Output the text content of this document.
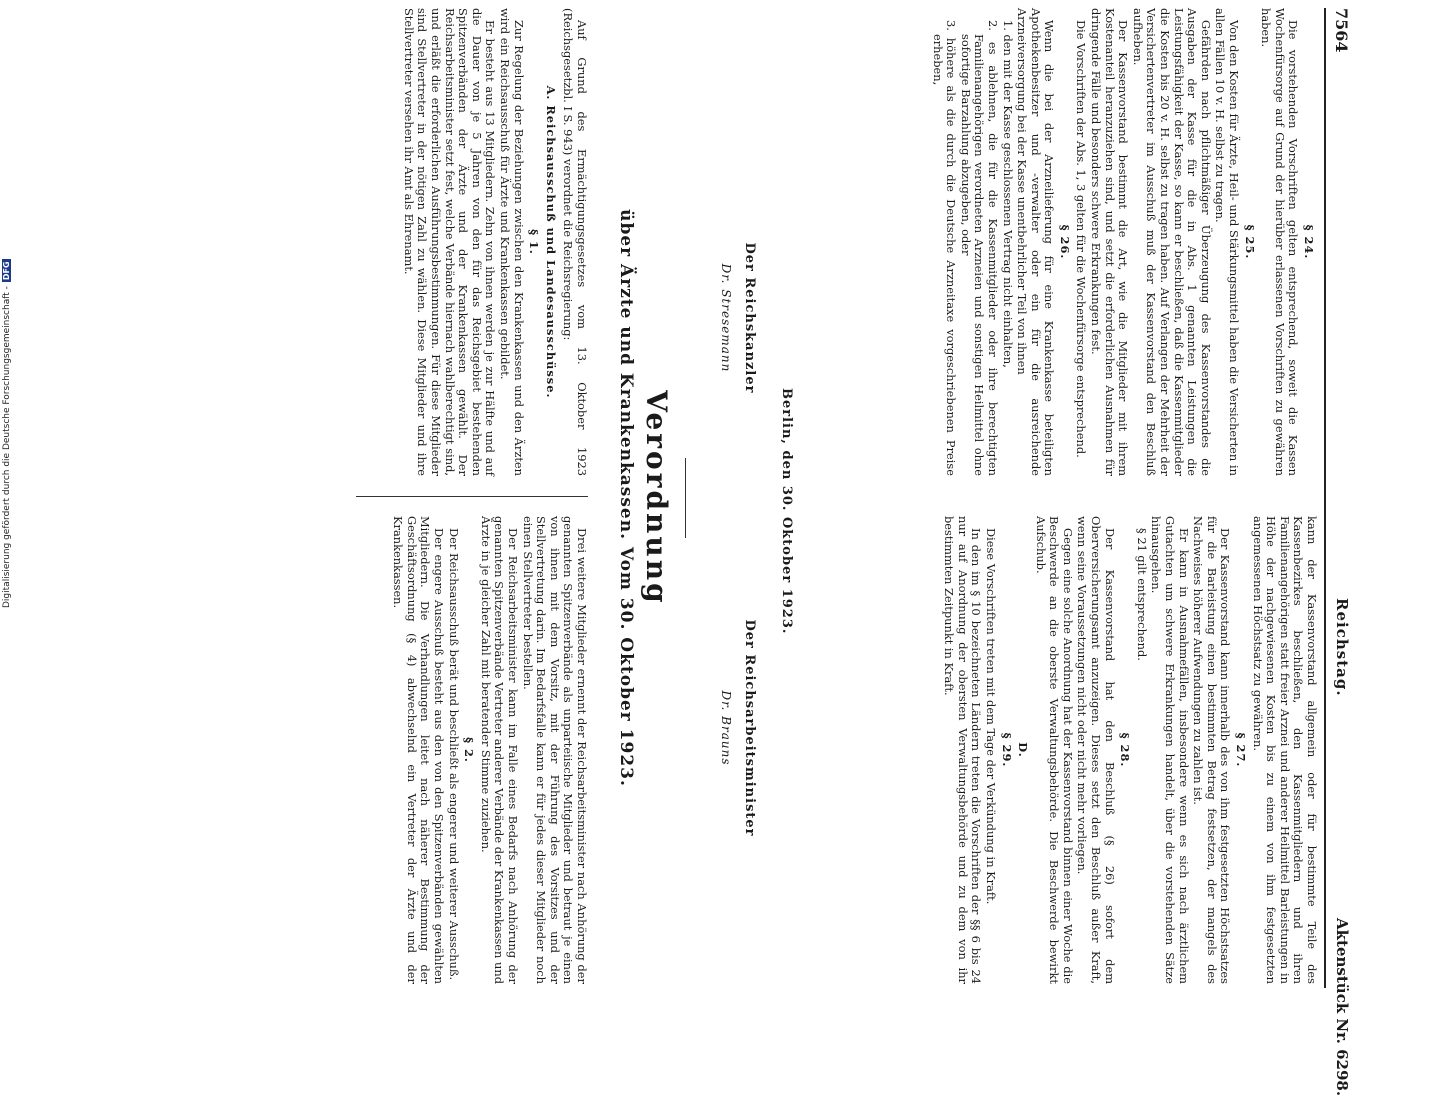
7564
Reichstag.
Aktenstück Nr. 6298.
§ 24.

Die vorstehenden Vorschriften gelten entsprechend, soweit die Kassen Wochenfürsorge auf Grund der hierüber erlassenen Vorschriften zu gewähren haben.

§ 25.

Von den Kosten für Ärzte, Heil- und Stärkungsmittel haben die Versicherten in allen Fällen 10 v. H. selbst zu tragen.

Gefährden nach pflichtmäßiger Überzeugung des Kassenvorstandes die Ausgaben der Kasse für die in Abs. 1 genannten Leistungen die Leistungsfähigkeit der Kasse, so kann er beschließen, daß die Kassenmitglieder die Kosten bis 20 v. H. selbst zu tragen haben. Auf Verlangen der Mehrheit der Versichertenvertreter im Ausschuß muß der Kassenvorstand den Beschluß aufheben.

Der Kassenvorstand bestimmt die Art, wie die Mitglieder mit ihrem Kostenanteil heranzuziehen sind, und setzt die erforderlichen Ausnahmen für dringende Fälle und besonders schwere Erkrankungen fest.

Die Vorschriften der Abs. 1, 3 gelten für die Wochenfürsorge entsprechend.

§ 26.

Wenn die bei der Arzneilieferung für eine Krankenkasse beteiligten Apothekenbesitzer und -verwalter oder ein für die ausreichende Arzneiversorgung bei der Kasse unentbehrlicher Teil von ihnen

1. den mit der Kasse geschlossenen Vertrag nicht einhalten,

2. es ablehnen, die für die Kassenmitglieder oder ihre berechtigten Familienangehörigen verordneten Arzneien und sonstigen Heilmittel ohne sofortige Barzahlung abzugeben, oder

3. höhere als die durch die Deutsche Arzneitaxe vorgeschriebenen Preise erheben,

kann der Kassenvorstand allgemein oder für bestimmte Teile des Kassenbezirkes beschließen, den Kassenmitgliedern und ihren Familienangehörigen statt freier Arznei und anderer Heilmittel Barleistungen in Höhe der nachgewiesenen Kosten bis zu einem von ihm festgesetzten angemessenen Höchstsatz zu gewähren.

§ 27.

Der Kassenvorstand kann innerhalb des von ihm festgesetzten Höchstsatzes für die Barleistung einen bestimmten Betrag festsetzen, der mangels des Nachweises höherer Aufwendungen zu zahlen ist.

Er kann in Ausnahmefällen, insbesondere wenn es sich nach ärztlichem Gutachten um schwere Erkrankungen handelt, über die vorstehenden Sätze hinausgehen.

§ 21 gilt entsprechend.

§ 28.

Der Kassenvorstand hat den Beschluß (§ 26) sofort dem Oberversicherungsamt anzuzeigen. Dieses setzt den Beschluß außer Kraft, wenn seine Voraussetzungen nicht oder nicht mehr vorliegen.

Gegen eine solche Anordnung hat der Kassenvorstand binnen einer Woche die Beschwerde an die oberste Verwaltungsbehörde. Die Beschwerde bewirkt Aufschub.

D.
§ 29.

Diese Vorschriften treten mit dem Tage der Verkündung in Kraft.

In den im § 10 bezeichneten Ländern treten die Vorschriften der §§ 6 bis 24 nur auf Anordnung der obersten Verwaltungsbehörde und zu dem von ihr bestimmten Zeitpunkt in Kraft.

Berlin, den 30. Oktober 1923.
Der Reichskanzler
Dr. Stresemann
Der Reichsarbeitsminister
Dr. Brauns
Verordnung
über Ärzte und Krankenkassen. Vom 30. Oktober 1923.

Auf Grund des Ermächtigungsgesetzes vom 13. Oktober 1923 (Reichsgesetzbl. I S. 943) verordnet die Reichsregierung:

A. Reichsausschuß und Landesausschüsse.
§ 1.

Zur Regelung der Beziehungen zwischen den Krankenkassen und den Ärzten wird ein Reichsausschuß für Ärzte und Krankenkassen gebildet.

Er besteht aus 13 Mitgliedern. Zehn von ihnen werden je zur Hälfte und auf die Dauer von je 5 Jahren von den für das Reichsgebiet bestehenden Spitzenverbänden der Ärzte und der Krankenkassen gewählt. Der Reichsarbeitsminister setzt fest, welche Verbände hiernach wahlberechtigt sind, und erläßt die erforderlichen Ausführungsbestimmungen. Für diese Mitglieder sind Stellvertreter in der nötigen Zahl zu wählen. Diese Mitglieder und ihre Stellvertreter versehen ihr Amt als Ehrenamt.

Drei weitere Mitglieder ernennt der Reichsarbeitsminister nach Anhörung der genannten Spitzenverbände als unparteiische Mitglieder und betraut je einen von ihnen mit dem Vorsitz, mit der Führung des Vorsitzes und der Stellvertretung darin. Im Bedarfsfalle kann er für jedes dieser Mitglieder noch einen Stellvertreter bestellen.

Der Reichsarbeitsminister kann im Falle eines Bedarfs nach Anhörung der genannten Spitzenverbände Vertreter anderer Verbände der Krankenkassen und Ärzte in je gleicher Zahl mit beratender Stimme zuziehen.

§ 2.

Der Reichsausschuß berät und beschließt als engerer und weiterer Ausschuß.

Der engere Ausschuß besteht aus den von den Spitzenverbänden gewählten Mitgliedern. Die Verhandlungen leitet nach näherer Bestimmung der Geschäftsordnung (§ 4) abwechselnd ein Vertreter der Ärzte und der Krankenkassen.

Digitalisierung gefördert durch die Deutsche Forschungsgemeinschaft -DFG
